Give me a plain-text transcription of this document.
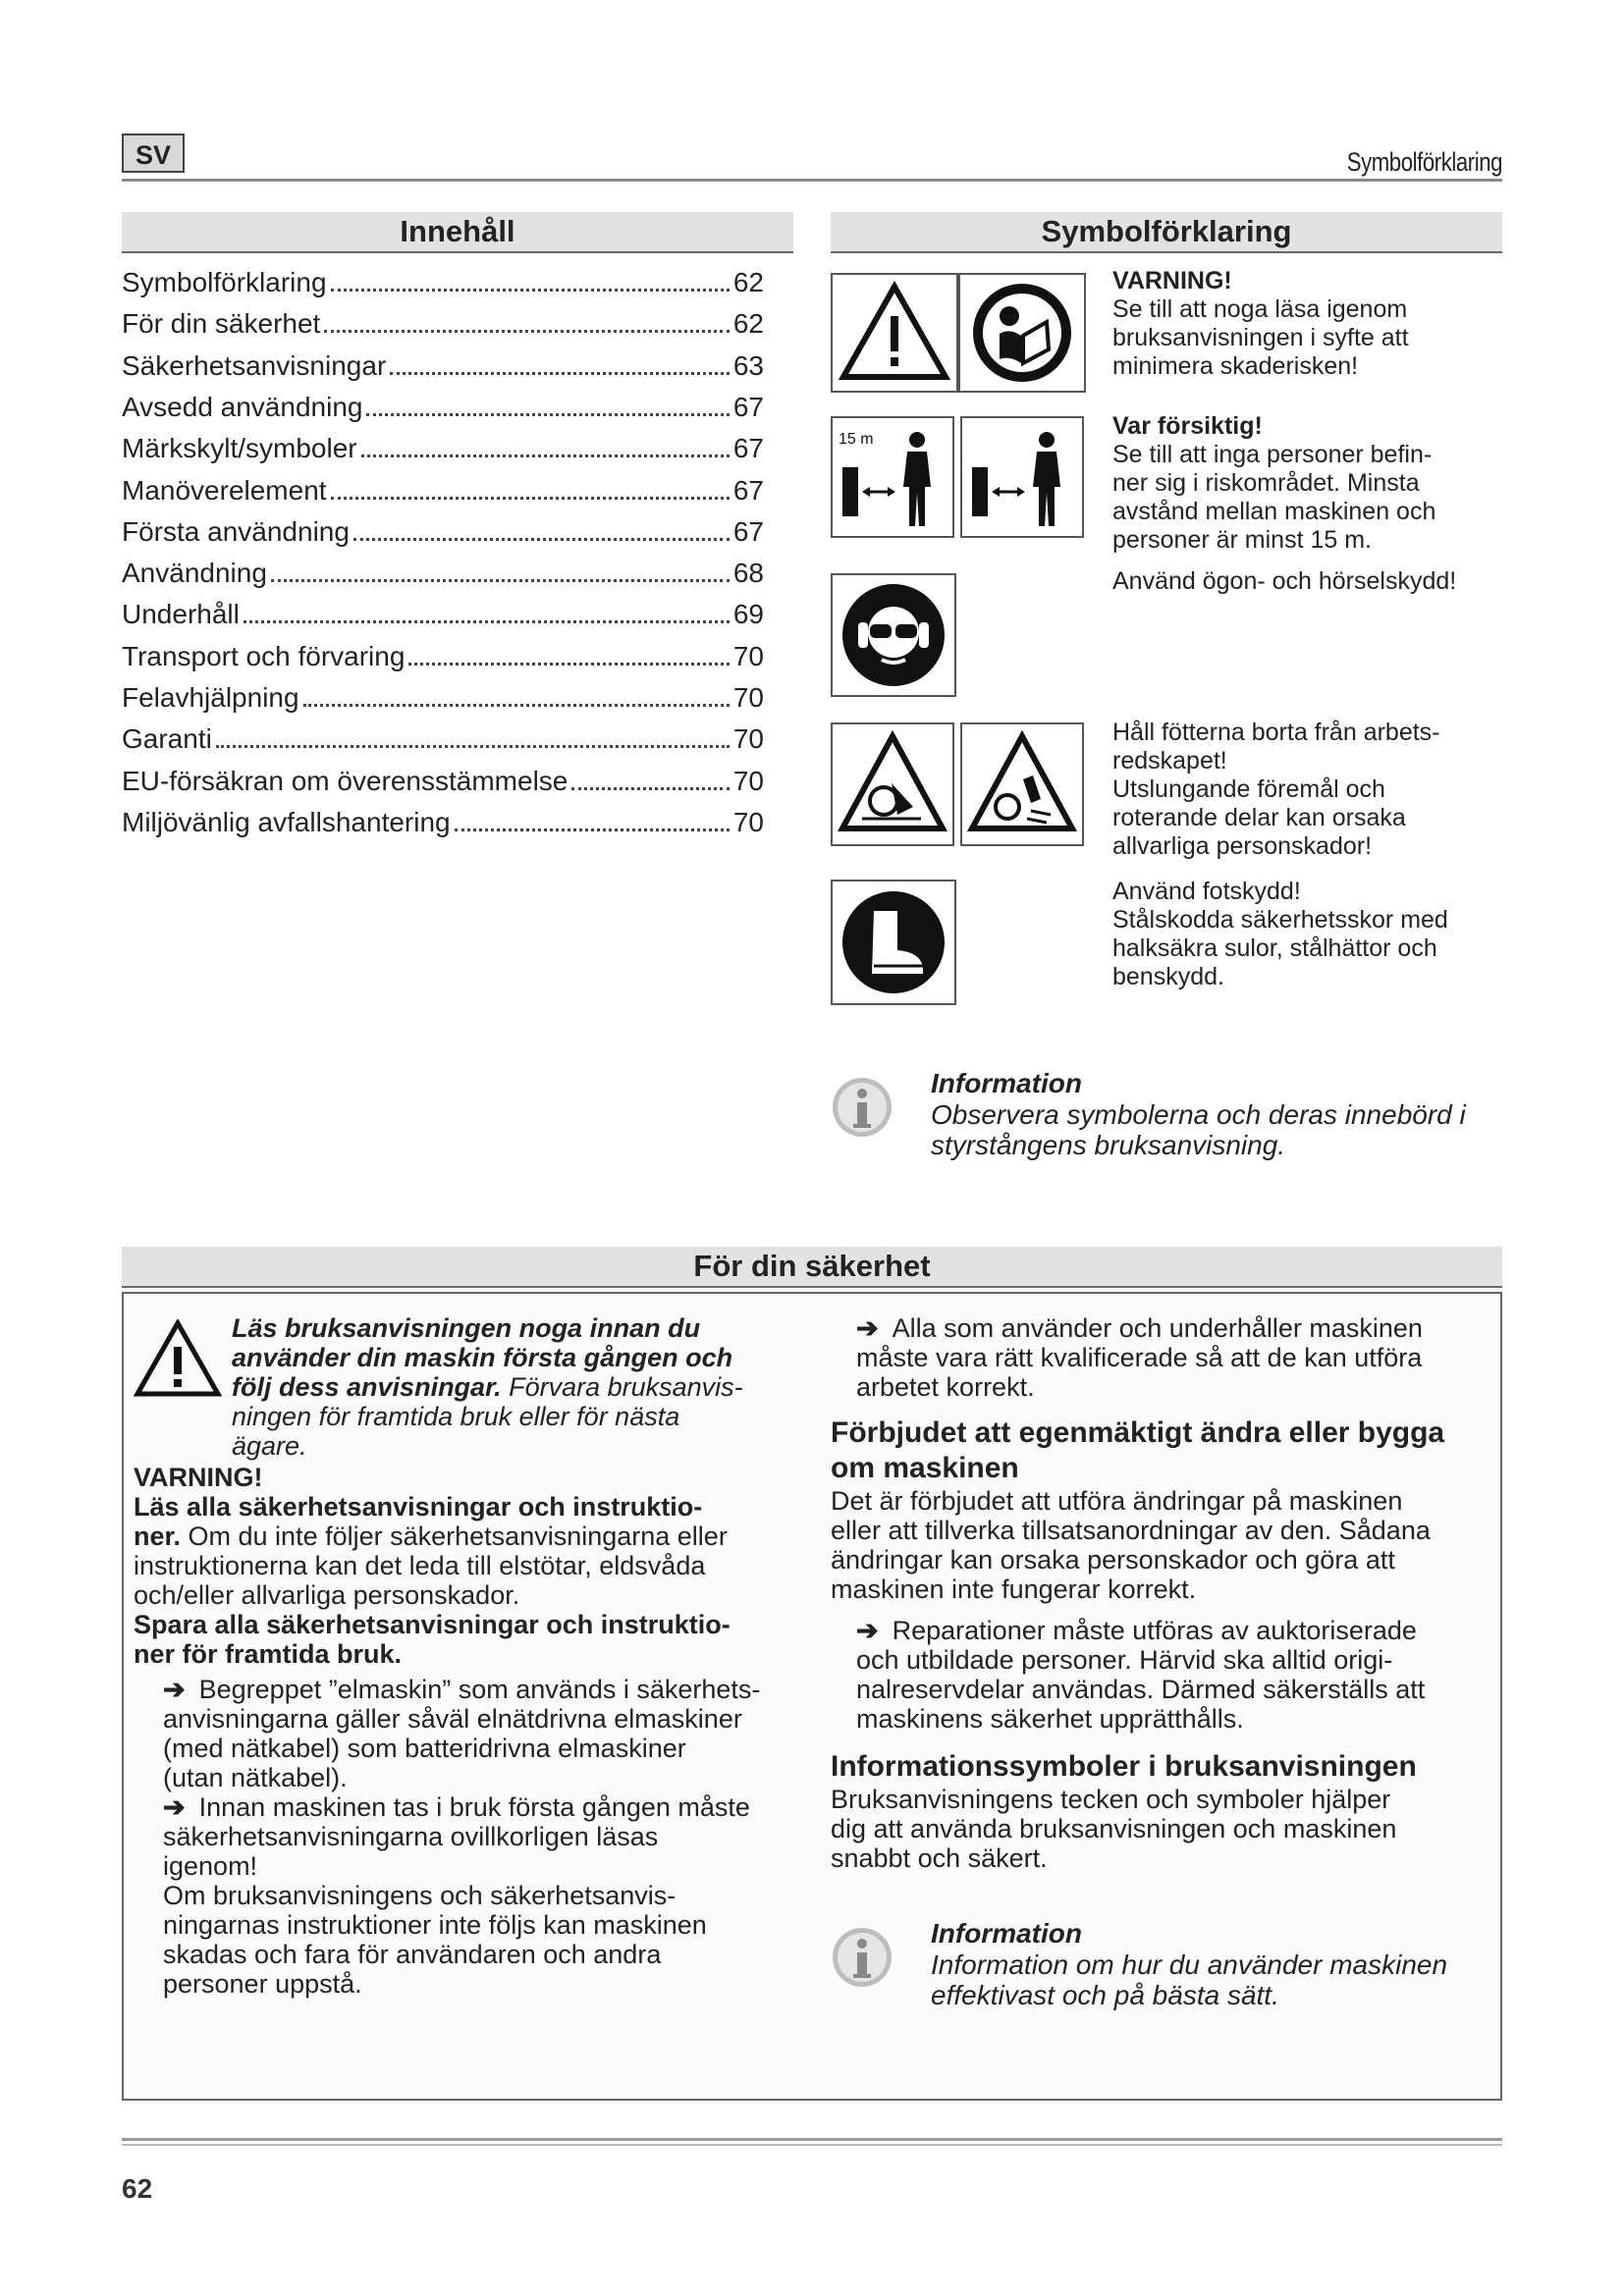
SV	Symbolförklaring
Innehåll
Symbolförklaring	62
För din säkerhet	62
Säkerhetsanvisningar	63
Avsedd användning	67
Märkskylt/symboler	67
Manöverelement	67
Första användning	67
Användning	68
Underhåll	69
Transport och förvaring	70
Felavhjälpning	70
Garanti	70
EU-försäkran om överensstämmelse	70
Miljövänlig avfallshantering	70
Symbolförklaring
VARNING!
Se till att noga läsa igenom
bruksanvisningen i syfte att
minimera skaderisken!
15 m	Var försiktig!
Se till att inga personer befin-
ner sig i riskområdet. Minsta
avstånd mellan maskinen och
personer är minst 15 m.
Använd ögon- och hörselskydd!
Håll fötterna borta från arbets-
redskapet!
Utslungande föremål och
roterande delar kan orsaka
allvarliga personskador!
Använd fotskydd!
Stålskodda säkerhetsskor med
halksäkra sulor, stålhättor och
benskydd.
Information
Observera symbolerna och deras innebörd i
styrstångens bruksanvisning.
För din säkerhet
Läs bruksanvisningen noga innan du
använder din maskin första gången och
följ dess anvisningar. Förvara bruksanvis-
ningen för framtida bruk eller för nästa
ägare.
VARNING!
Läs alla säkerhetsanvisningar och instruktio-
ner. Om du inte följer säkerhetsanvisningarna eller
instruktionerna kan det leda till elstötar, eldsvåda
och/eller allvarliga personskador.
Spara alla säkerhetsanvisningar och instruktio-
ner för framtida bruk.
➔ Begreppet ”elmaskin” som används i säkerhets-
anvisningarna gäller såväl elnätdrivna elmaskiner
(med nätkabel) som batteridrivna elmaskiner
(utan nätkabel).
➔ Innan maskinen tas i bruk första gången måste
säkerhetsanvisningarna ovillkorligen läsas
igenom!
Om bruksanvisningens och säkerhetsanvis-
ningarnas instruktioner inte följs kan maskinen
skadas och fara för användaren och andra
personer uppstå.
➔ Alla som använder och underhåller maskinen
måste vara rätt kvalificerade så att de kan utföra
arbetet korrekt.
Förbjudet att egenmäktigt ändra eller bygga
om maskinen
Det är förbjudet att utföra ändringar på maskinen
eller att tillverka tillsatsanordningar av den. Sådana
ändringar kan orsaka personskador och göra att
maskinen inte fungerar korrekt.
➔ Reparationer måste utföras av auktoriserade
och utbildade personer. Härvid ska alltid origi-
nalreservdelar användas. Därmed säkerställs att
maskinens säkerhet upprätthålls.
Informationssymboler i bruksanvisningen
Bruksanvisningens tecken och symboler hjälper
dig att använda bruksanvisningen och maskinen
snabbt och säkert.
Information
Information om hur du använder maskinen
effektivast och på bästa sätt.
62
